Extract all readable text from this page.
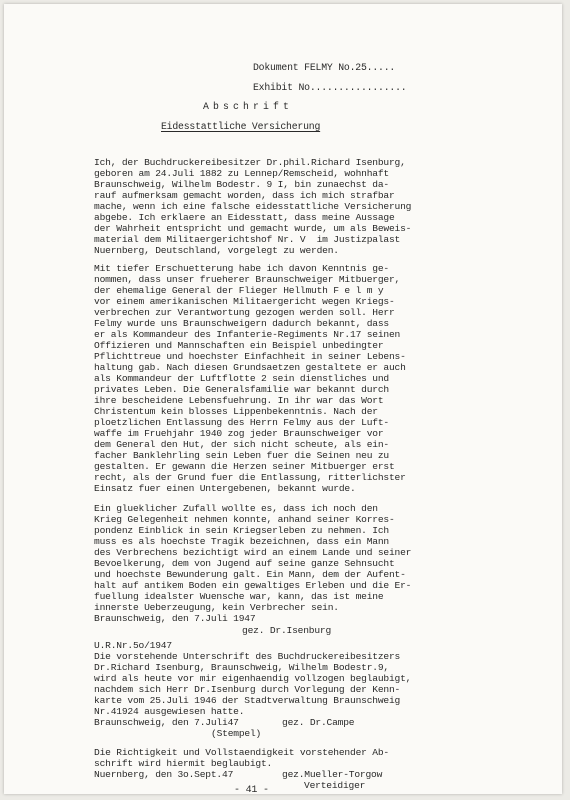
Dokument FELMY No.25.....
Exhibit No.................
Abschrift
Eidesstattliche Versicherung
Ich, der Buchdruckereibesitzer Dr.phil.Richard Isenburg,
geboren am 24.Juli 1882 zu Lennep/Remscheid, wohnhaft
Braunschweig, Wilhelm Bodestr. 9 I, bin zunaechst da-
rauf aufmerksam gemacht worden, dass ich mich strafbar
mache, wenn ich eine falsche eidesstattliche Versicherung
abgebe. Ich erklaere an Eidesstatt, dass meine Aussage
der Wahrheit entspricht und gemacht wurde, um als Beweis-
material dem Militaergerichtshof Nr. V  im Justizpalast
Nuernberg, Deutschland, vorgelegt zu werden.
Mit tiefer Erschuetterung habe ich davon Kenntnis ge-
nommen, dass unser frueherer Braunschweiger Mitbuerger,
der ehemalige General der Flieger Hellmuth F e l m y
vor einem amerikanischen Militaergericht wegen Kriegs-
verbrechen zur Verantwortung gezogen werden soll. Herr
Felmy wurde uns Braunschweigern dadurch bekannt, dass
er als Kommandeur des Infanterie-Regiments Nr.17 seinen
Offizieren und Mannschaften ein Beispiel unbedingter
Pflichttreue und hoechster Einfachheit in seiner Lebens-
haltung gab. Nach diesen Grundsaetzen gestaltete er auch
als Kommandeur der Luftflotte 2 sein dienstliches und
privates Leben. Die Generalsfamilie war bekannt durch
ihre bescheidene Lebensfuehrung. In ihr war das Wort
Christentum kein blosses Lippenbekenntnis. Nach der
ploetzlichen Entlassung des Herrn Felmy aus der Luft-
waffe im Fruehjahr 1940 zog jeder Braunschweiger vor
dem General den Hut, der sich nicht scheute, als ein-
facher Banklehrling sein Leben fuer die Seinen neu zu
gestalten. Er gewann die Herzen seiner Mitbuerger erst
recht, als der Grund fuer die Entlassung, ritterlichster
Einsatz fuer einen Untergebenen, bekannt wurde.
Ein glueklicher Zufall wollte es, dass ich noch den
Krieg Gelegenheit nehmen konnte, anhand seiner Korres-
pondenz Einblick in sein Kriegserleben zu nehmen. Ich
muss es als hoechste Tragik bezeichnen, dass ein Mann
des Verbrechens bezichtigt wird an einem Lande und seiner
Bevoelkerung, dem von Jugend auf seine ganze Sehnsucht
und hoechste Bewunderung galt. Ein Mann, dem der Aufent-
halt auf antikem Boden ein gewaltiges Erleben und die Er-
fuellung idealster Wuensche war, kann, das ist meine
innerste Ueberzeugung, kein Verbrecher sein.
Braunschweig, den 7.Juli 1947
gez. Dr.Isenburg
U.R.Nr.5o/1947
Die vorstehende Unterschrift des Buchdruckereibesitzers
Dr.Richard Isenburg, Braunschweig, Wilhelm Bodestr.9,
wird als heute vor mir eigenhaendig vollzogen beglaubigt,
nachdem sich Herr Dr.Isenburg durch Vorlegung der Kenn-
karte vom 25.Juli 1946 der Stadtverwaltung Braunschweig
Nr.41924 ausgewiesen hatte.
Braunschweig, den 7.Juli47	gez. Dr.Campe
(Stempel)
Die Richtigkeit und Vollstaendigkeit vorstehender Ab-
schrift wird hiermit beglaubigt.
Nuernberg, den 3o.Sept.47	gez.Mueller-Torgow
Verteidiger
- 41 -
